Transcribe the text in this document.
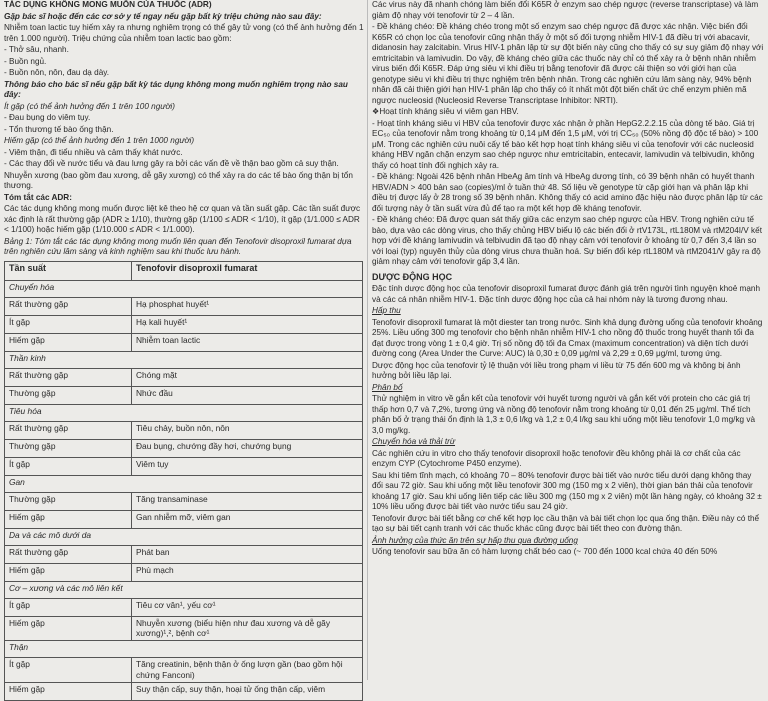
TÁC DỤNG KHÔNG MONG MUỐN CỦA THUỐC (ADR)

Gặp bác sĩ hoặc đến các cơ sở y tế ngay nếu gặp bất kỳ triệu chứng nào sau đây:

Nhiễm toan lactic tuy hiếm xảy ra nhưng nghiêm trọng có thể gây tử vong (có thể ảnh hưởng đến 1 trên 1.000 người). Triệu chứng của nhiễm toan lactic bao gồm:

- Thở sâu, nhanh.

- Buồn ngủ.

- Buồn nôn, nôn, đau dạ dày.

Thông báo cho bác sĩ nếu gặp bất kỳ tác dụng không mong muốn nghiêm trọng nào sau đây:

Ít gặp (có thể ảnh hưởng đến 1 trên 100 người)

- Đau bụng do viêm tụy.

- Tổn thương tế bào ống thận.

Hiếm gặp (có thể ảnh hưởng đến 1 trên 1000 người)

- Viêm thận, đi tiểu nhiều và cảm thấy khát nước.

- Các thay đổi về nước tiểu và đau lưng gây ra bởi các vấn đề về thận bao gồm cả suy thận.

Nhuyễn xương (bao gồm đau xương, dễ gãy xương) có thể xảy ra do các tế bào ống thận bị tổn thương.

Tóm tắt các ADR:

Các tác dụng không mong muốn được liệt kê theo hệ cơ quan và tần suất gặp. Các tần suất được xác định là rất thường gặp (ADR ≥ 1/10), thường gặp (1/100 ≤ ADR < 1/10), ít gặp (1/1.000 ≤ ADR < 1/100) hoặc hiếm gặp (1/10.000 ≤ ADR < 1/1.000).

Bảng 1: Tóm tắt các tác dụng không mong muốn liên quan đến Tenofovir disoproxil fumarat dựa trên nghiên cứu lâm sàng và kinh nghiệm sau khi thuốc lưu hành.

Tần suất	Tenofovir disoproxil fumarat
Chuyển hóa	
Rất thường gặp	Hạ phosphat huyết¹
Ít gặp	Hạ kali huyết¹
Hiếm gặp	Nhiễm toan lactic
Thần kinh	
Rất thường gặp	Chóng mặt
Thường gặp	Nhức đầu
Tiêu hóa	
Rất thường gặp	Tiêu chảy, buồn nôn, nôn
Thường gặp	Đau bụng, chướng đầy hơi, chướng bụng
Ít gặp	Viêm tụy
Gan	
Thường gặp	Tăng transaminase
Hiếm gặp	Gan nhiễm mỡ, viêm gan
Da và các mô dưới da	
Rất thường gặp	Phát ban
Hiếm gặp	Phù mạch
Cơ – xương và các mô liên kết	
Ít gặp	Tiêu cơ vân¹, yếu cơ¹
Hiếm gặp	Nhuyễn xương (biểu hiện như đau xương và dễ gãy xương)¹,², bệnh cơ¹
Thận	
Ít gặp	Tăng creatinin, bệnh thận ở ống lượn gần (bao gồm hội chứng Fanconi)
Hiếm gặp	Suy thận cấp, suy thận, hoại tử ống thận cấp, viêm

Các virus này đã nhanh chóng làm biến đổi K65R ở enzym sao chép ngược (reverse transcriptase) và làm giảm độ nhạy với tenofovir từ 2 – 4 lần.

- Đề kháng chéo: Đề kháng chéo trong một số enzym sao chép ngược đã được xác nhận. Việc biến đổi K65R có chọn lọc của tenofovir cũng nhận thấy ở một số đối tượng nhiễm HIV-1 đã điều trị với abacavir, didanosin hay zalcitabin. Virus HIV-1 phân lập từ sự đột biến này cũng cho thấy có sự suy giảm độ nhạy với emtricitabin và lamivudin. Do vậy, đề kháng chéo giữa các thuốc này chỉ có thể xảy ra ở bệnh nhân nhiễm virus biến đổi K65R. Đáp ứng siêu vi khi điều trị bằng tenofovir đã được cải thiện so với giới hạn của genotype siêu vi khi điều trị thực nghiệm trên bệnh nhân. Trong các nghiên cứu lâm sàng này, 94% bệnh nhân đã cải thiện giới hạn HIV-1 phân lập cho thấy có ít nhất một đột biến chất ức chế enzym phiên mã ngược nucleosid (Nucleosid Reverse Transcriptase Inhibitor: NRTI).

❖Hoạt tính kháng siêu vi viêm gan HBV.

- Hoạt tính kháng siêu vi HBV của tenofovir được xác nhận ở phần HepG2.2.2.15 của dòng tế bào. Giá trị EC₅₀ của tenofovir nằm trong khoảng từ 0,14 μM đến 1,5 μM, với trị CC₅₀ (50% nồng độ độc tế bào) > 100 μM. Trong các nghiên cứu nuôi cấy tế bào kết hợp hoạt tính kháng siêu vi của tenofovir với các nucleosid kháng HBV ngăn chặn enzym sao chép ngược như emtricitabin, entecavir, lamivudin và telbivudin, không thấy có hoạt tính đối nghịch xảy ra.

- Đề kháng: Ngoài 426 bệnh nhân HbeAg âm tính và HbeAg dương tính, có 39 bệnh nhân có huyết thanh HBV/ADN > 400 bản sao (copies)/ml ở tuần thứ 48. Số liệu về genotype từ cặp giới hạn và phân lập khi điều trị được lấy ở 28 trong số 39 bệnh nhân. Không thấy có acid amino đặc hiệu nào được phân lập từ các đối tượng này ở tần suất vừa đủ để tạo ra một kết hợp đề kháng tenofovir.

- Đề kháng chéo: Đã được quan sát thấy giữa các enzym sao chép ngược của HBV. Trong nghiên cứu tế bào, dựa vào các dòng virus, cho thấy chủng HBV biểu lộ các biến đổi ở rtV173L, rtL180M và rtM204I/V kết hợp với đề kháng lamivudin và telbivudin đã tạo độ nhạy cảm với tenofovir ở khoảng từ 0,7 đến 3,4 lần so với loại (typ) nguyên thủy của dòng virus chưa thuần hoá. Sự biến đổi kép rtL180M và rtM2041/V gây ra độ giảm nhạy cảm với tenofovir gấp 3,4 lần.

DƯỢC ĐỘNG HỌC

Đặc tính dược động học của tenofovir disoproxil fumarat được đánh giá trên người tình nguyện khoẻ mạnh và các cá nhân nhiễm HIV-1. Đặc tính dược động học của cả hai nhóm này là tương đương nhau.

Hấp thu

Tenofovir disoproxil fumarat là một diester tan trong nước. Sinh khả dụng đường uống của tenofovir khoảng 25%. Liều uống 300 mg tenofovir cho bệnh nhân nhiễm HIV-1 cho nồng độ thuốc trong huyết thanh tối đa đạt được trong vòng 1 ± 0,4 giờ. Trị số nồng độ tối đa Cmax (maximum concentration) và diện tích dưới đường cong (Area Under the Curve: AUC) là 0,30 ± 0,09 μg/ml và 2,29 ± 0,69 μg/ml, tương ứng.

Dược động học của tenofovir tỷ lệ thuận với liều trong phạm vi liều từ 75 đến 600 mg và không bị ảnh hưởng bởi liều lặp lại.

Phân bố

Thử nghiệm in vitro về gắn kết của tenofovir với huyết tương người và gắn kết với protein cho các giá trị thấp hơn 0,7 và 7,2%, tương ứng và nồng độ tenofovir nằm trong khoảng từ 0,01 đến 25 μg/ml. Thể tích phân bố ở trạng thái ổn định là 1,3 ± 0,6 l/kg và 1,2 ± 0,4 l/kg sau khi uống một liều tenofovir 1,0 mg/kg và 3,0 mg/kg.

Chuyển hóa và thải trừ

Các nghiên cứu in vitro cho thấy tenofovir disoproxil hoặc tenofovir đều không phải là cơ chất của các enzym CYP (Cytochrome P450 enzyme).

Sau khi tiêm tĩnh mạch, có khoảng 70 – 80% tenofovir được bài tiết vào nước tiểu dưới dạng không thay đổi sau 72 giờ. Sau khi uống một liều tenofovir 300 mg (150 mg x 2 viên), thời gian bán thải của tenofovir khoảng 17 giờ. Sau khi uống liên tiếp các liều 300 mg (150 mg x 2 viên) một lần hàng ngày, có khoảng 32 ± 10% liều uống được bài tiết vào nước tiểu sau 24 giờ.

Tenofovir được bài tiết bằng cơ chế kết hợp lọc cầu thận và bài tiết chọn lọc qua ống thận. Điều này có thể tạo sự bài tiết cạnh tranh với các thuốc khác cũng được bài tiết theo con đường thận.

Ảnh hưởng của thức ăn trên sự hấp thu qua đường uống

Uống tenofovir sau bữa ăn có hàm lượng chất béo cao (~ 700 đến 1000 kcal chứa 40 đến 50%
